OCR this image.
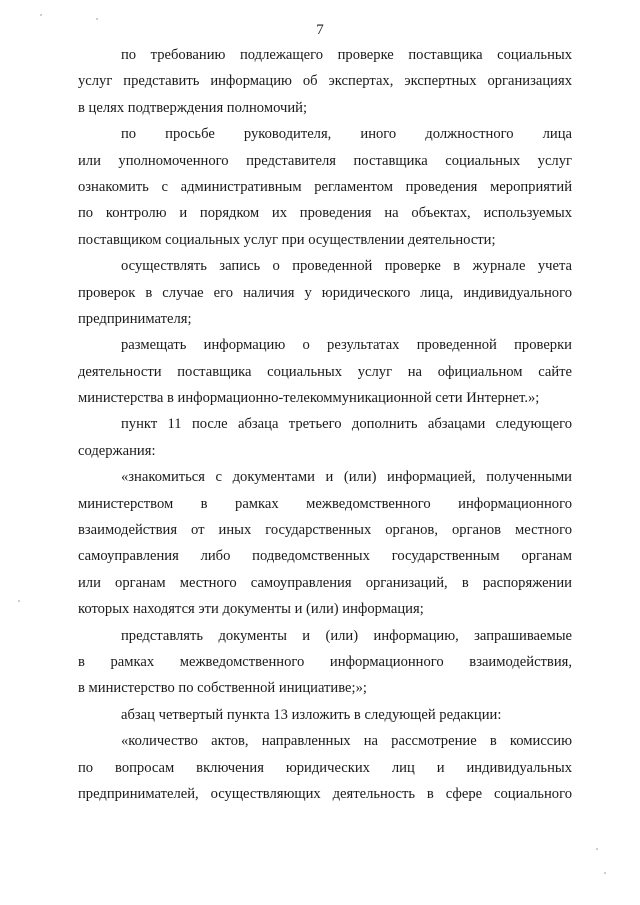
7
по требованию подлежащего проверке поставщика социальных
услуг представить информацию об экспертах, экспертных организациях
в целях подтверждения полномочий;
по просьбе руководителя, иного должностного лица
или уполномоченного представителя поставщика социальных услуг
ознакомить с административным регламентом проведения мероприятий
по контролю и порядком их проведения на объектах, используемых
поставщиком социальных услуг при осуществлении деятельности;
осуществлять запись о проведенной проверке в журнале учета
проверок в случае его наличия у юридического лица, индивидуального
предпринимателя;
размещать информацию о результатах проведенной проверки
деятельности поставщика социальных услуг на официальном сайте
министерства в информационно-телекоммуникационной сети Интернет.»;
пункт 11 после абзаца третьего дополнить абзацами следующего
содержания:
«знакомиться с документами и (или) информацией, полученными
министерством в рамках межведомственного информационного
взаимодействия от иных государственных органов, органов местного
самоуправления либо подведомственных государственным органам
или органам местного самоуправления организаций, в распоряжении
которых находятся эти документы и (или) информация;
представлять документы и (или) информацию, запрашиваемые
в рамках межведомственного информационного взаимодействия,
в министерство по собственной инициативе;»;
абзац четвертый пункта 13 изложить в следующей редакции:
«количество актов, направленных на рассмотрение в комиссию
по вопросам включения юридических лиц и индивидуальных
предпринимателей, осуществляющих деятельность в сфере социального
